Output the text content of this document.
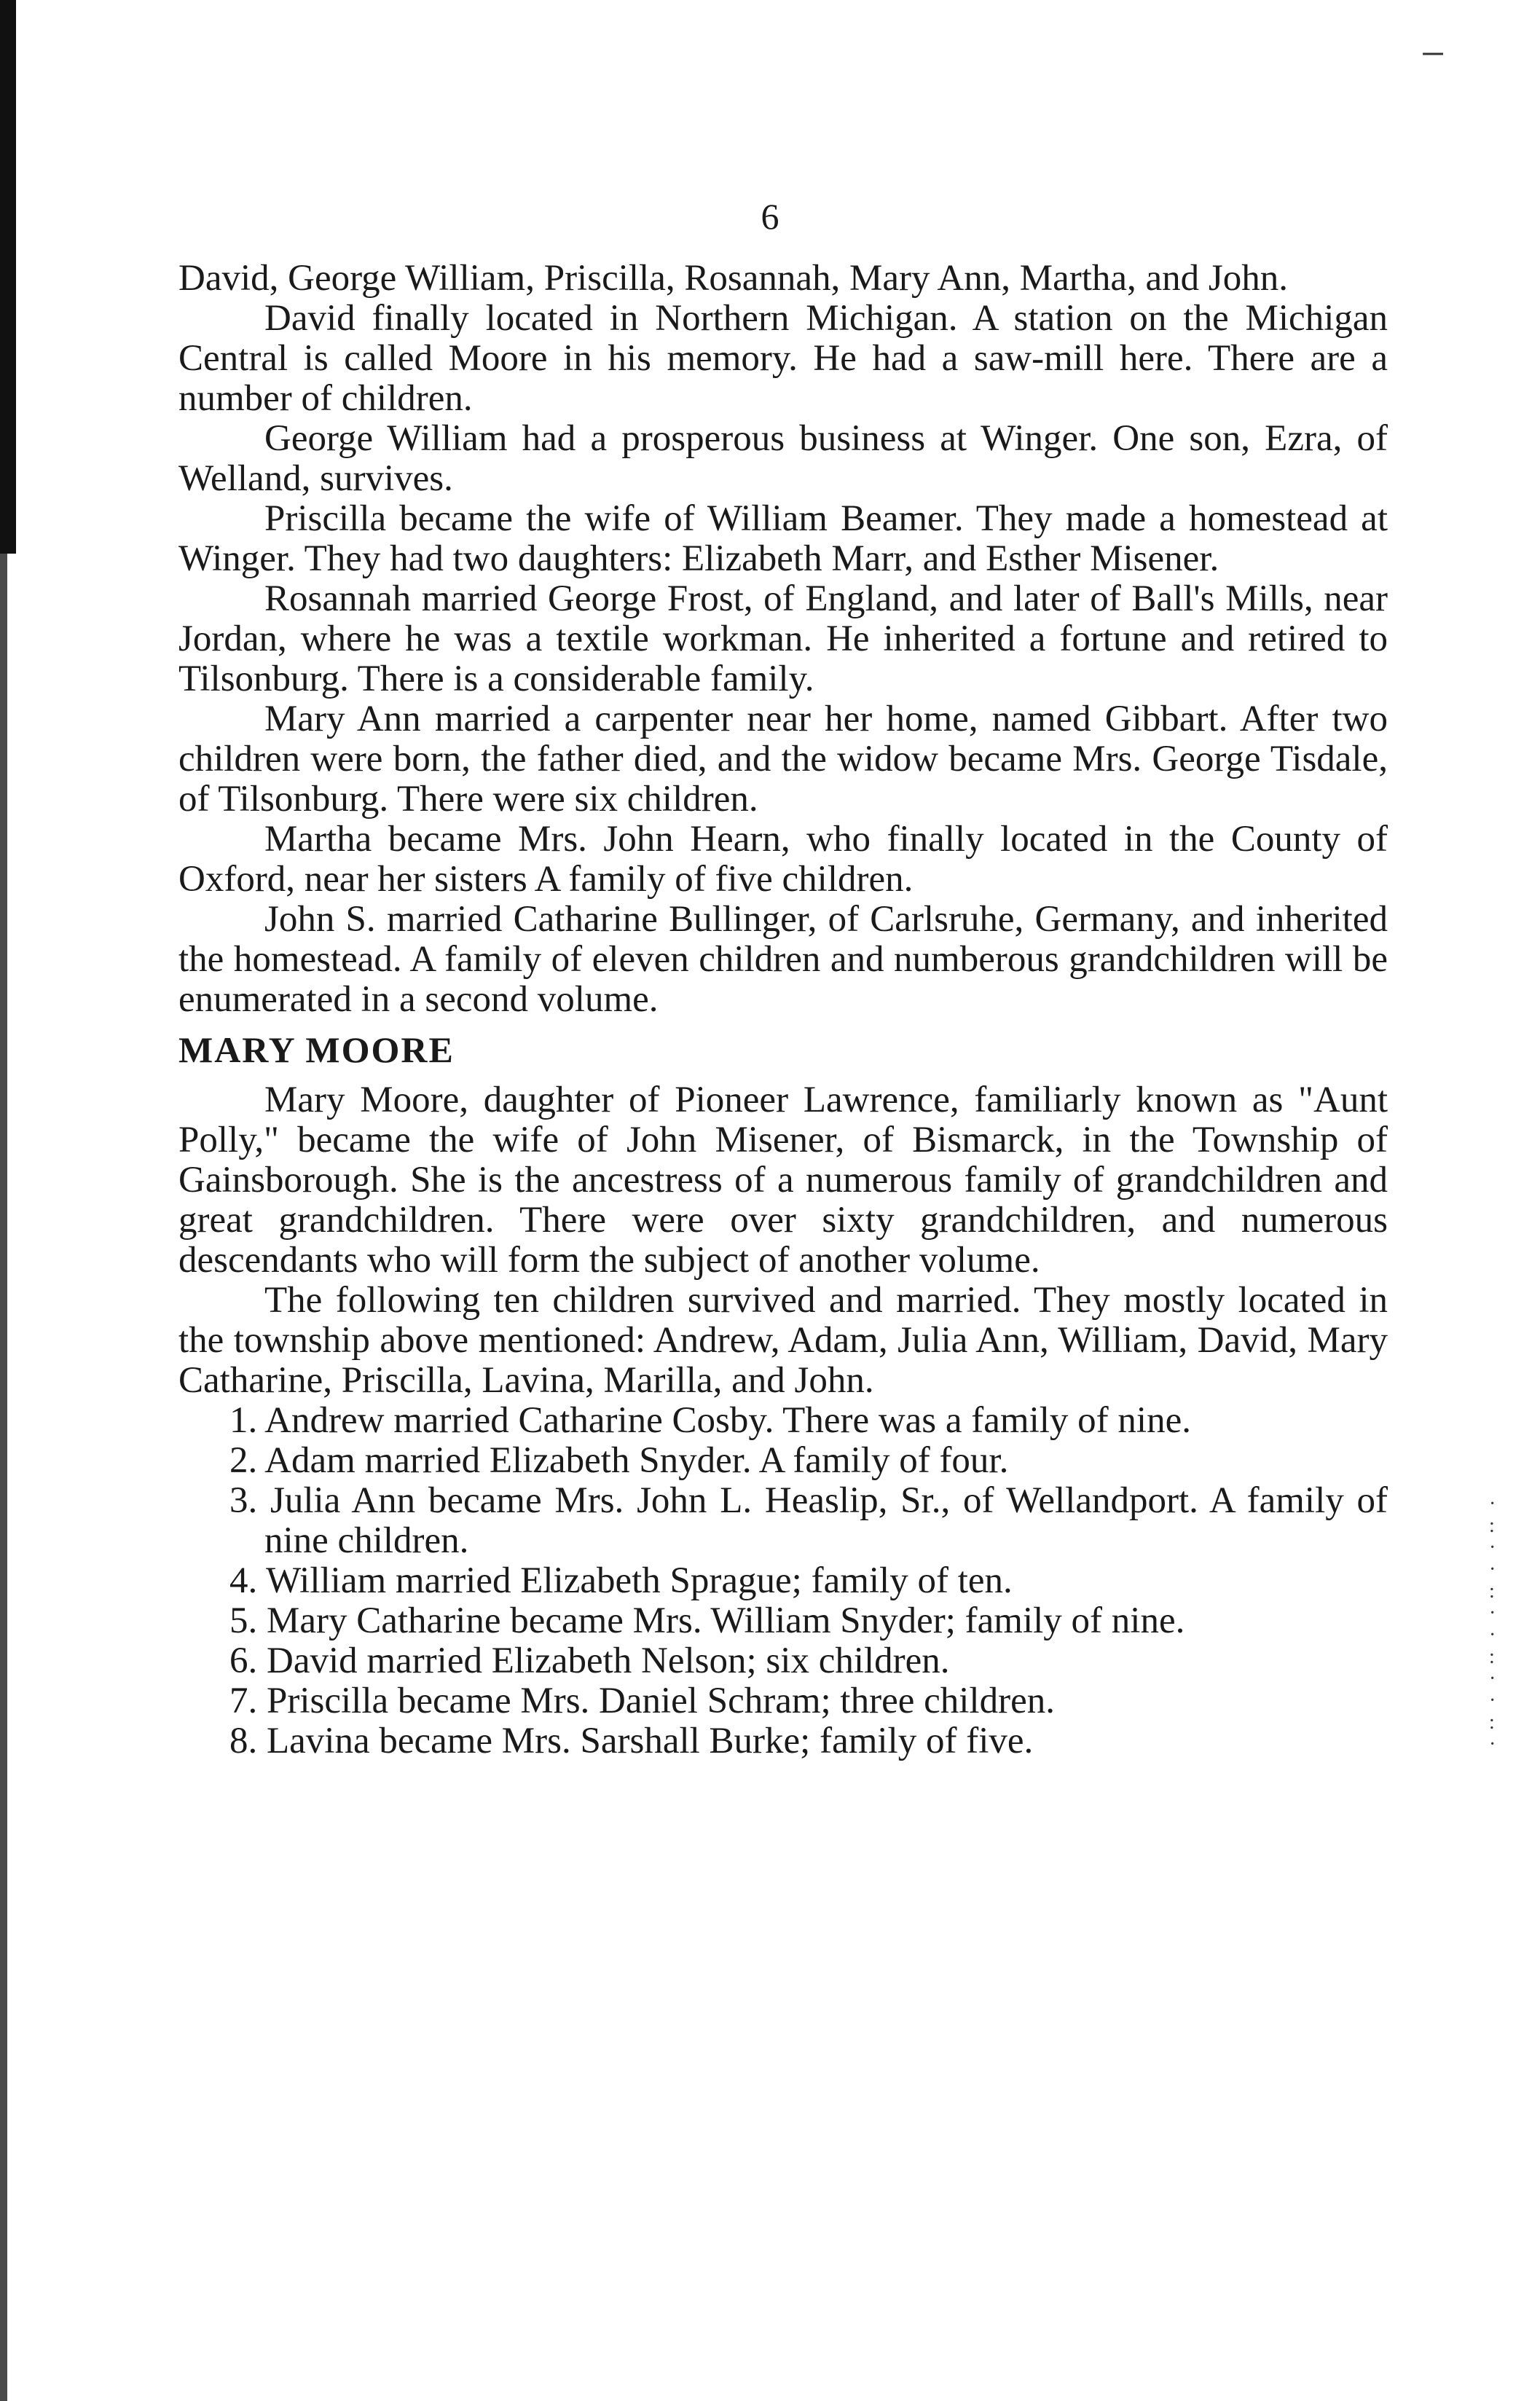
−
6

David, George William, Priscilla, Rosannah, Mary Ann, Martha, and John.

David finally located in Northern Michigan. A station on the Michigan Central is called Moore in his memory. He had a saw-mill here. There are a number of children.

George William had a prosperous business at Winger. One son, Ezra, of Welland, survives.

Priscilla became the wife of William Beamer. They made a homestead at Winger. They had two daughters: Elizabeth Marr, and Esther Misener.

Rosannah married George Frost, of England, and later of Ball's Mills, near Jordan, where he was a textile workman. He inherited a fortune and retired to Tilsonburg. There is a considerable family.

Mary Ann married a carpenter near her home, named Gibbart. After two children were born, the father died, and the widow became Mrs. George Tisdale, of Tilsonburg. There were six children.

Martha became Mrs. John Hearn, who finally located in the County of Oxford, near her sisters A family of five children.

John S. married Catharine Bullinger, of Carlsruhe, Germany, and inherited the homestead. A family of eleven children and numberous grandchildren will be enumerated in a second volume.

MARY MOORE

Mary Moore, daughter of Pioneer Lawrence, familiarly known as "Aunt Polly," became the wife of John Misener, of Bismarck, in the Township of Gainsborough. She is the ancestress of a numerous family of grandchildren and great grandchildren. There were over sixty grandchildren, and numerous descendants who will form the subject of another volume.

The following ten children survived and married. They mostly located in the township above mentioned: Andrew, Adam, Julia Ann, William, David, Mary Catharine, Priscilla, Lavina, Marilla, and John.

1. Andrew married Catharine Cosby. There was a family of nine.

2. Adam married Elizabeth Snyder. A family of four.

3. Julia Ann became Mrs. John L. Heaslip, Sr., of Wellandport. A family of nine children.

4. William married Elizabeth Sprague; family of ten.

5. Mary Catharine became Mrs. William Snyder; family of nine.

6. David married Elizabeth Nelson; six children.

7. Priscilla became Mrs. Daniel Schram; three children.

8. Lavina became Mrs. Sarshall Burke; family of five.

·
:
·
·
:
·
·
:
·
·
:
·
